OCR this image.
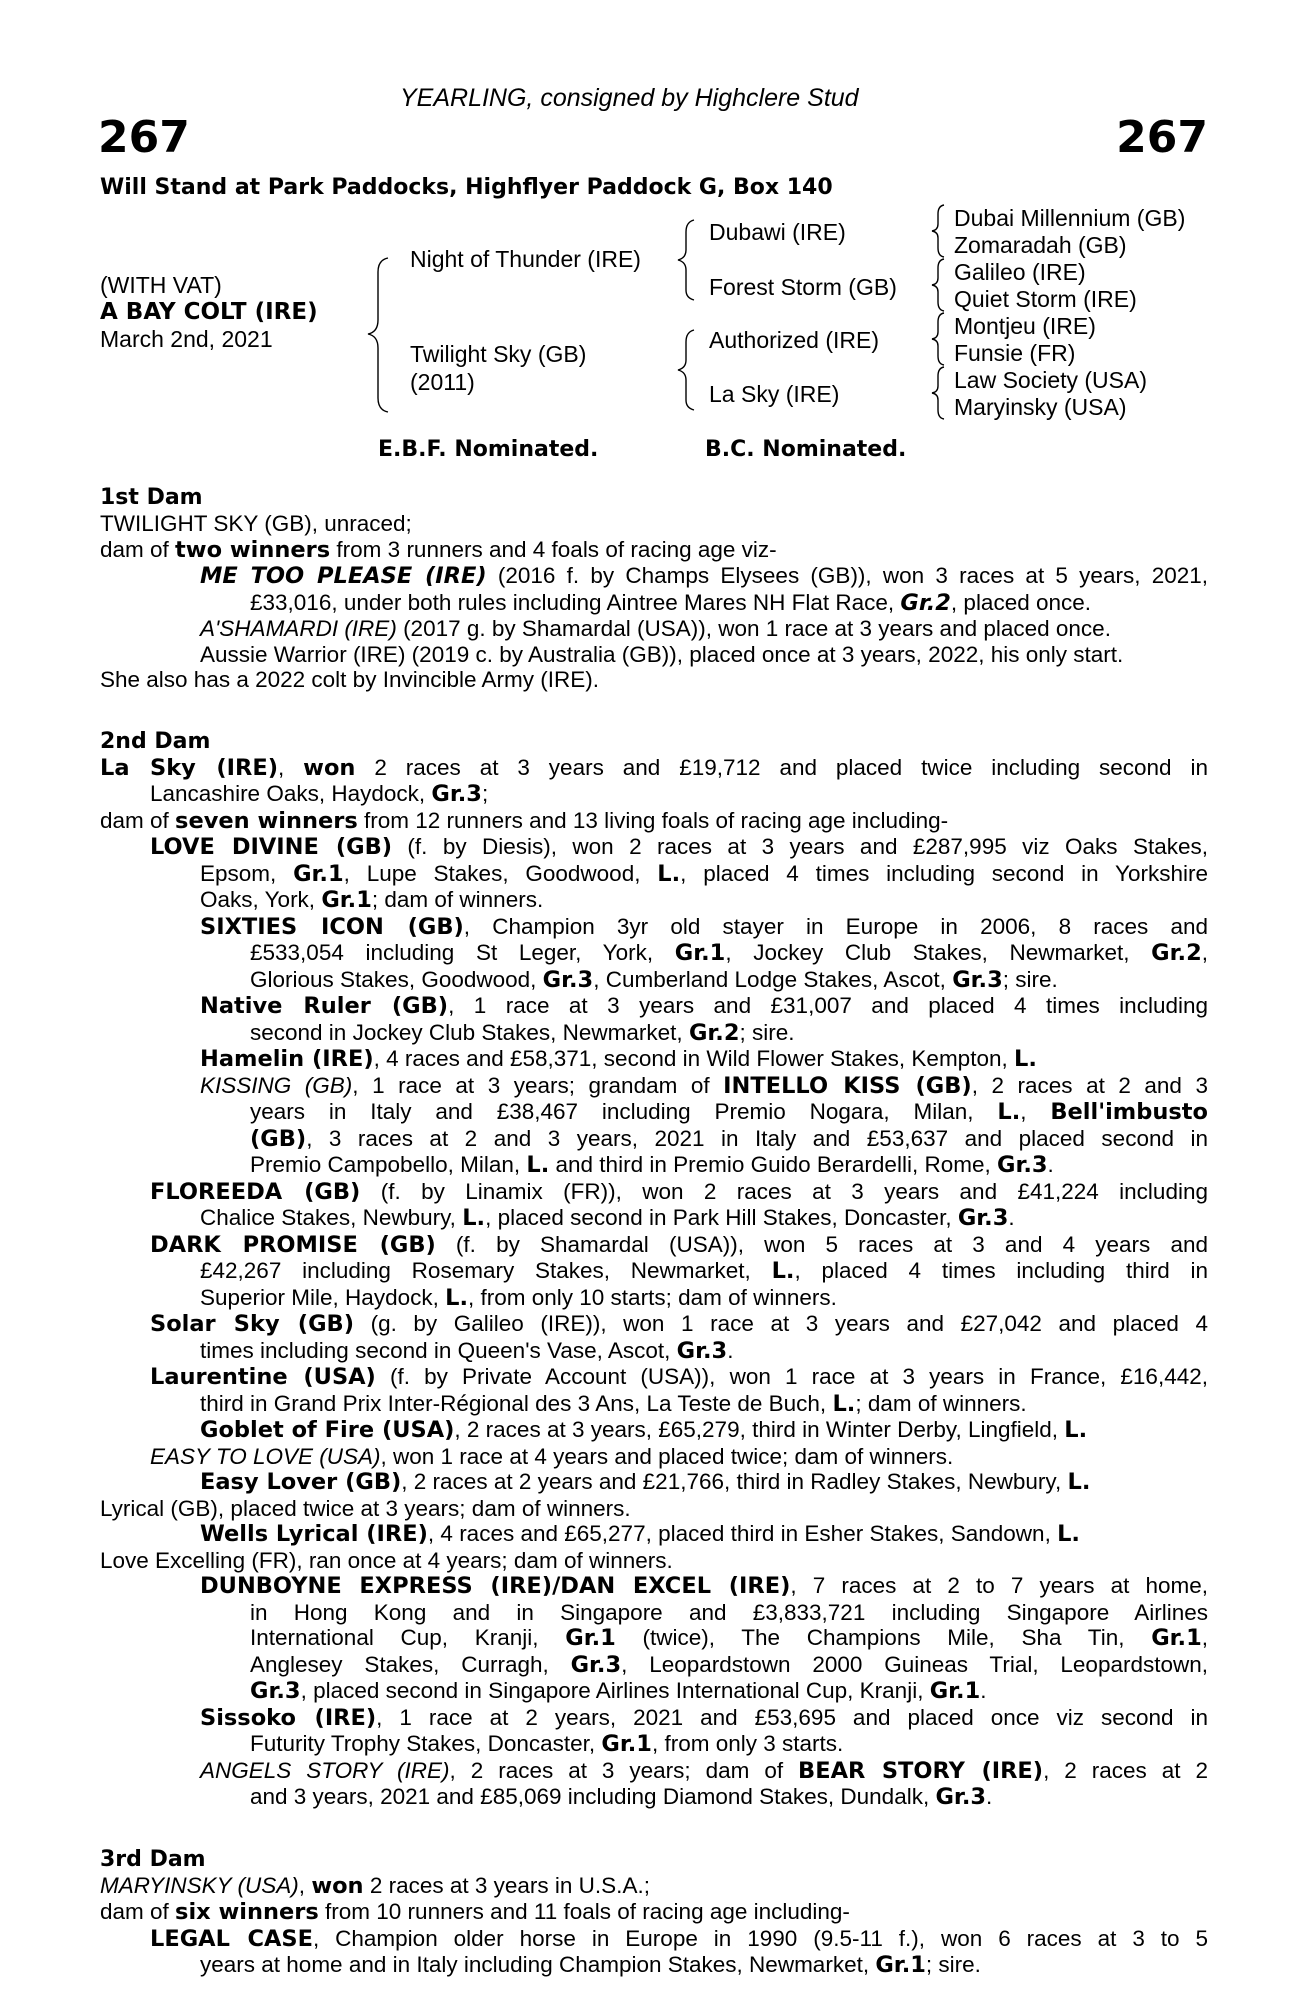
YEARLING, consigned by Highclere Stud
267	267
Will Stand at Park Paddocks, Highflyer Paddock G, Box 140
(WITH VAT)
A BAY COLT (IRE)
March 2nd, 2021
Night of Thunder (IRE)
Twilight Sky (GB)
(2011)
Dubawi (IRE)
Forest Storm (GB)
Authorized (IRE)
La Sky (IRE)
Dubai Millennium (GB)
Zomaradah (GB)
Galileo (IRE)
Quiet Storm (IRE)
Montjeu (IRE)
Funsie (FR)
Law Society (USA)
Maryinsky (USA)
E.B.F. Nominated.	B.C. Nominated.
1st Dam
TWILIGHT SKY (GB), unraced;
dam of two winners from 3 runners and 4 foals of racing age viz-
ME TOO PLEASE (IRE) (2016 f. by Champs Elysees (GB)), won 3 races at 5 years, 2021,
£33,016, under both rules including Aintree Mares NH Flat Race, Gr.2, placed once.
A'SHAMARDI (IRE) (2017 g. by Shamardal (USA)), won 1 race at 3 years and placed once.
Aussie Warrior (IRE) (2019 c. by Australia (GB)), placed once at 3 years, 2022, his only start.
She also has a 2022 colt by Invincible Army (IRE).
2nd Dam
La Sky (IRE), won 2 races at 3 years and £19,712 and placed twice including second in
Lancashire Oaks, Haydock, Gr.3;
dam of seven winners from 12 runners and 13 living foals of racing age including-
LOVE DIVINE (GB) (f. by Diesis), won 2 races at 3 years and £287,995 viz Oaks Stakes,
Epsom, Gr.1, Lupe Stakes, Goodwood, L., placed 4 times including second in Yorkshire
Oaks, York, Gr.1; dam of winners.
SIXTIES ICON (GB), Champion 3yr old stayer in Europe in 2006, 8 races and
£533,054 including St Leger, York, Gr.1, Jockey Club Stakes, Newmarket, Gr.2,
Glorious Stakes, Goodwood, Gr.3, Cumberland Lodge Stakes, Ascot, Gr.3; sire.
Native Ruler (GB), 1 race at 3 years and £31,007 and placed 4 times including
second in Jockey Club Stakes, Newmarket, Gr.2; sire.
Hamelin (IRE), 4 races and £58,371, second in Wild Flower Stakes, Kempton, L.
KISSING (GB), 1 race at 3 years; grandam of INTELLO KISS (GB), 2 races at 2 and 3
years in Italy and £38,467 including Premio Nogara, Milan, L., Bell'imbusto
(GB), 3 races at 2 and 3 years, 2021 in Italy and £53,637 and placed second in
Premio Campobello, Milan, L. and third in Premio Guido Berardelli, Rome, Gr.3.
FLOREEDA (GB) (f. by Linamix (FR)), won 2 races at 3 years and £41,224 including
Chalice Stakes, Newbury, L., placed second in Park Hill Stakes, Doncaster, Gr.3.
DARK PROMISE (GB) (f. by Shamardal (USA)), won 5 races at 3 and 4 years and
£42,267 including Rosemary Stakes, Newmarket, L., placed 4 times including third in
Superior Mile, Haydock, L., from only 10 starts; dam of winners.
Solar Sky (GB) (g. by Galileo (IRE)), won 1 race at 3 years and £27,042 and placed 4
times including second in Queen's Vase, Ascot, Gr.3.
Laurentine (USA) (f. by Private Account (USA)), won 1 race at 3 years in France, £16,442,
third in Grand Prix Inter-Régional des 3 Ans, La Teste de Buch, L.; dam of winners.
Goblet of Fire (USA), 2 races at 3 years, £65,279, third in Winter Derby, Lingfield, L.
EASY TO LOVE (USA), won 1 race at 4 years and placed twice; dam of winners.
Easy Lover (GB), 2 races at 2 years and £21,766, third in Radley Stakes, Newbury, L.
Lyrical (GB), placed twice at 3 years; dam of winners.
Wells Lyrical (IRE), 4 races and £65,277, placed third in Esher Stakes, Sandown, L.
Love Excelling (FR), ran once at 4 years; dam of winners.
DUNBOYNE EXPRESS (IRE)/DAN EXCEL (IRE), 7 races at 2 to 7 years at home,
in Hong Kong and in Singapore and £3,833,721 including Singapore Airlines
International Cup, Kranji, Gr.1 (twice), The Champions Mile, Sha Tin, Gr.1,
Anglesey Stakes, Curragh, Gr.3, Leopardstown 2000 Guineas Trial, Leopardstown,
Gr.3, placed second in Singapore Airlines International Cup, Kranji, Gr.1.
Sissoko (IRE), 1 race at 2 years, 2021 and £53,695 and placed once viz second in
Futurity Trophy Stakes, Doncaster, Gr.1, from only 3 starts.
ANGELS STORY (IRE), 2 races at 3 years; dam of BEAR STORY (IRE), 2 races at 2
and 3 years, 2021 and £85,069 including Diamond Stakes, Dundalk, Gr.3.
3rd Dam
MARYINSKY (USA), won 2 races at 3 years in U.S.A.;
dam of six winners from 10 runners and 11 foals of racing age including-
LEGAL CASE, Champion older horse in Europe in 1990 (9.5-11 f.), won 6 races at 3 to 5
years at home and in Italy including Champion Stakes, Newmarket, Gr.1; sire.
